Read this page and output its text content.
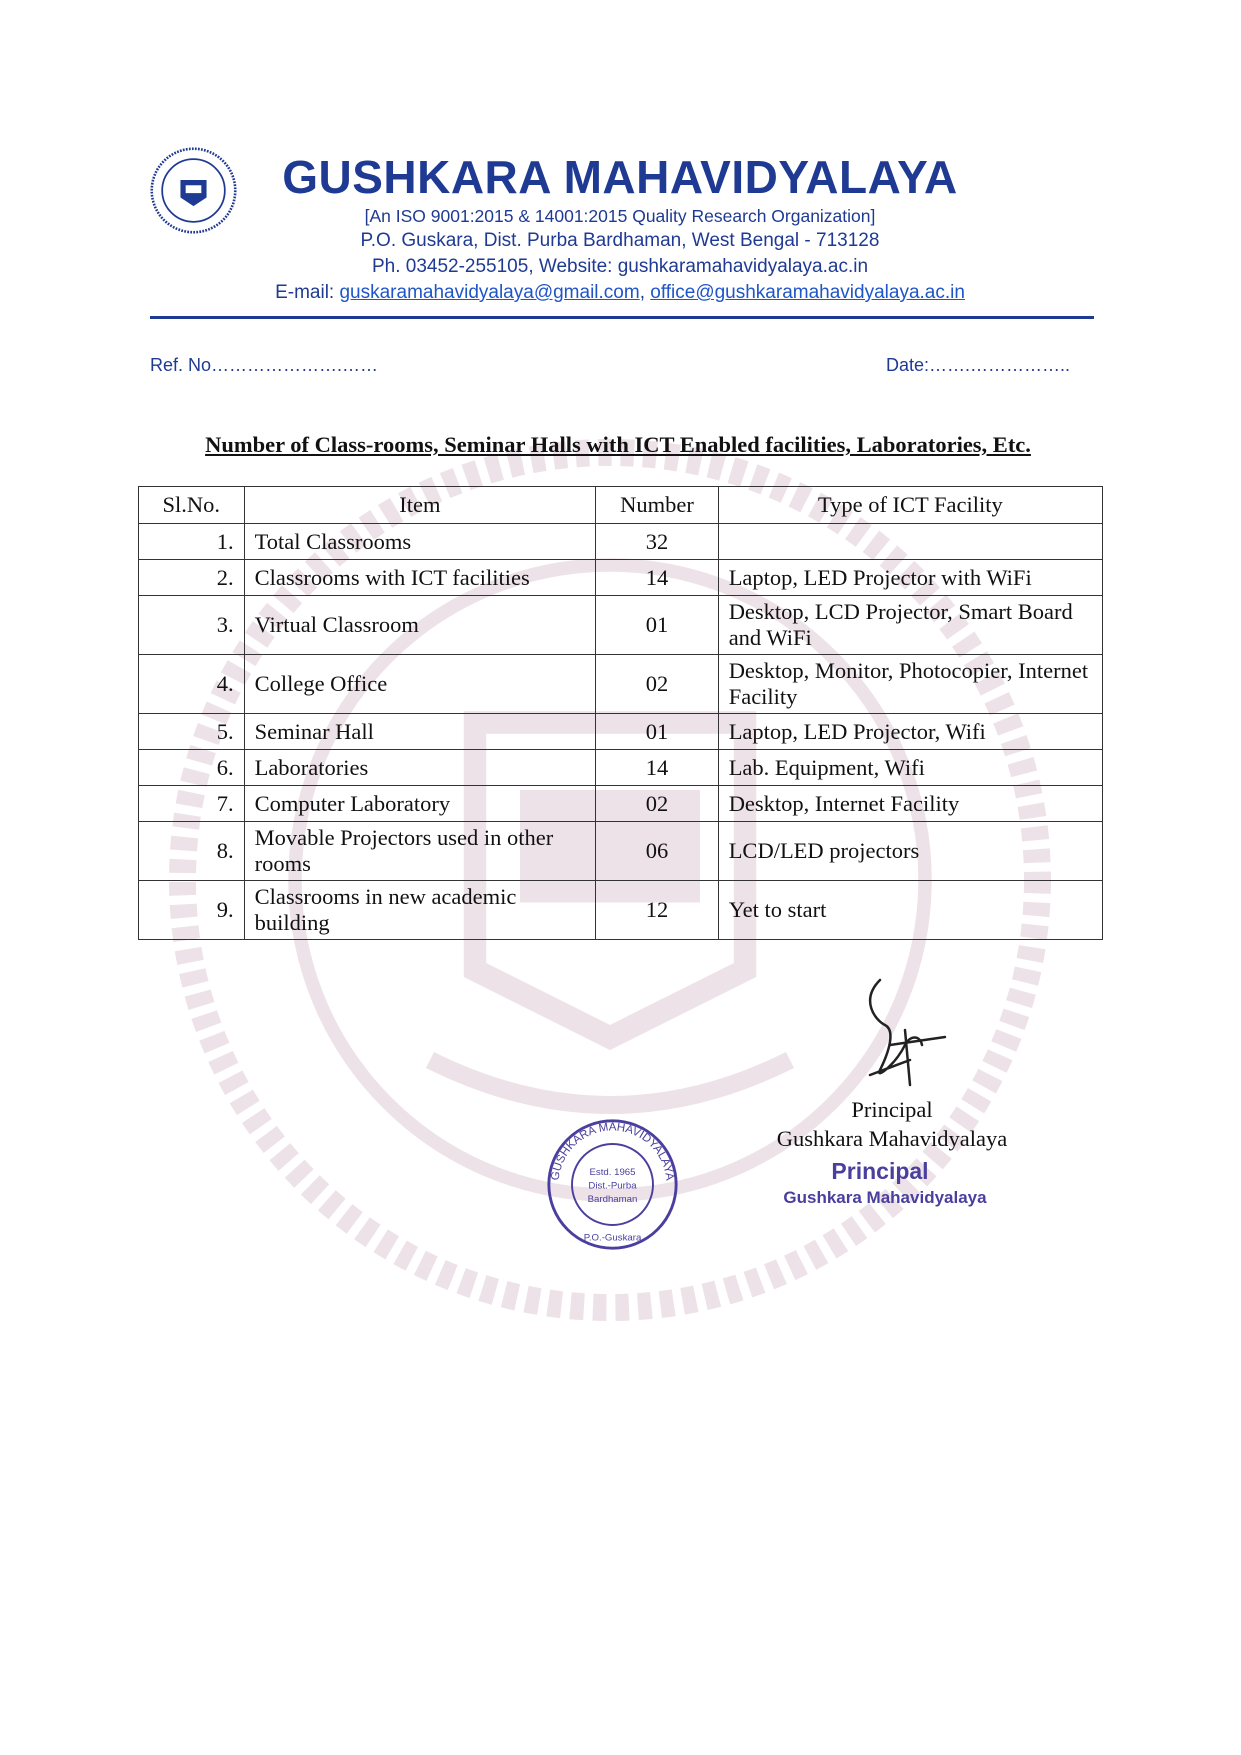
GUSHKARA MAHAVIDYALAYA
[An ISO 9001:2015 & 14001:2015 Quality Research Organization]
P.O. Guskara, Dist. Purba Bardhaman, West Bengal - 713128
Ph. 03452-255105, Website: gushkaramahavidyalaya.ac.in
E-mail: guskaramahavidyalaya@gmail.com, office@gushkaramahavidyalaya.ac.in
Ref. No………………….……	Date:…….……………..
Number of Class-rooms, Seminar Halls with ICT Enabled facilities, Laboratories, Etc.
Sl.No.	Item	Number	Type of ICT Facility
1.	Total Classrooms	32	
2.	Classrooms with ICT facilities	14	Laptop, LED Projector with WiFi
3.	Virtual Classroom	01	Desktop, LCD Projector, Smart Board and WiFi
4.	College Office	02	Desktop, Monitor, Photocopier, Internet Facility
5.	Seminar Hall	01	Laptop, LED Projector, Wifi
6.	Laboratories	14	Lab. Equipment, Wifi
7.	Computer Laboratory	02	Desktop, Internet Facility
8.	Movable Projectors used in other rooms	06	LCD/LED projectors
9.	Classrooms in new academic building	12	Yet to start
Principal
Gushkara Mahavidyalaya
GUSHKARA MAHAVIDYALAYA
Estd. 1965
Dist.-Purba
Bardhaman
P.O.-Guskara
Principal
Gushkara Mahavidyalaya
